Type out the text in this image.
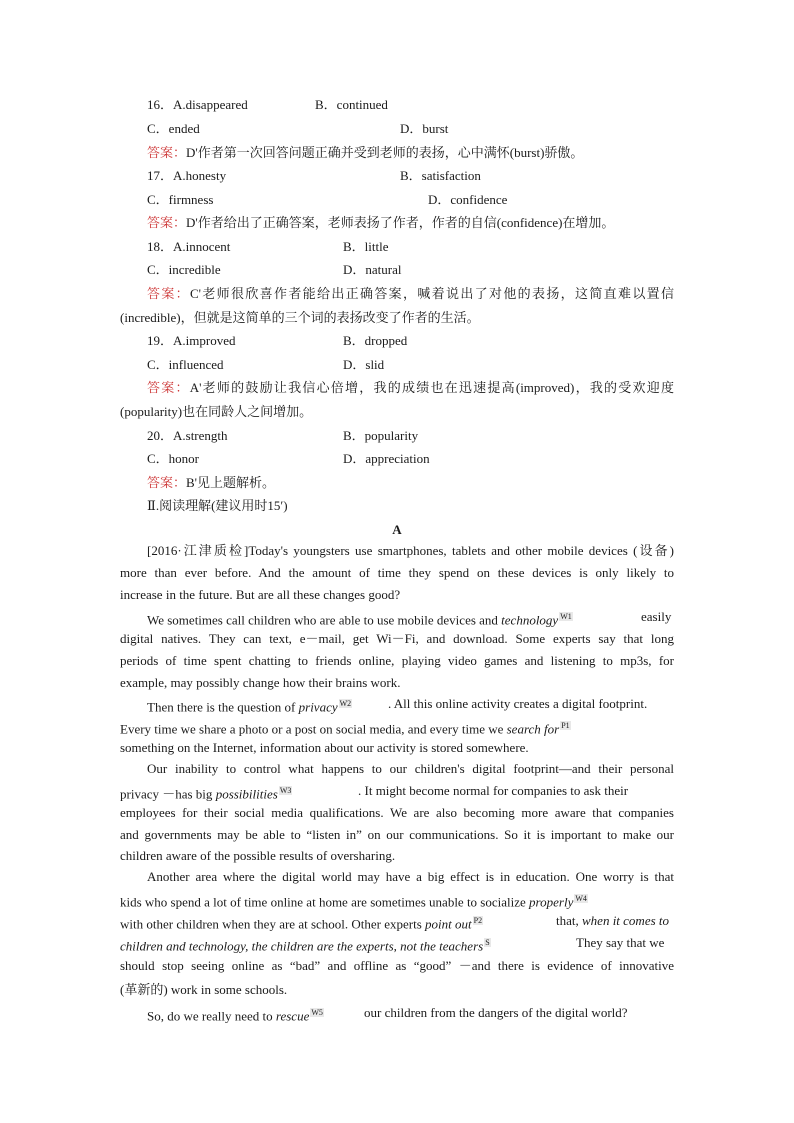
16．A.disappeared	B．continued
C．ended	D．burst
答案：D'作者第一次回答问题正确并受到老师的表扬，心中满怀(burst)骄傲。
17．A.honesty	B．satisfaction
C．firmness	D．confidence
答案：D'作者给出了正确答案，老师表扬了作者，作者的自信(confidence)在增加。
18．A.innocent	B．little
C．incredible	D．natural
答案：C'老师很欣喜作者能给出正确答案，喊着说出了对他的表扬，这简直难以置信
(incredible)，但就是这简单的三个词的表扬改变了作者的生活。
19．A.improved	B．dropped
C．influenced	D．slid
答案：A'老师的鼓励让我信心倍增，我的成绩也在迅速提高(improved)，我的受欢迎度
(popularity)也在同龄人之间增加。
20．A.strength	B．popularity
C．honor	D．appreciation
答案：B'见上题解析。
Ⅱ.阅读理解(建议用时15′)
A
[2016·江津质检]Today's youngsters use smartphones, tablets and other mobile devices (设备)
more than ever before. And the amount of time they spend on these devices is only likely to
increase in the future. But are all these changes good?
We sometimes call children who are able to use mobile devices and technology $^{W1}$	easily
digital natives. They can text, e－mail, get Wi－Fi, and download. Some experts say that long
periods of time spent chatting to friends online, playing video games and listening to mp3s, for
example, may possibly change how their brains work.
Then there is the question of privacy $^{W2}$	. All this online activity creates a digital footprint.
Every time we share a photo or a post on social media, and every time we search for $^{P1}$
something on the Internet, information about our activity is stored somewhere.
Our inability to control what happens to our children's digital footprint—and their personal
privacy －has big possibilities $^{W3}$	. It might become normal for companies to ask their
employees for their social media qualifications. We are also becoming more aware that companies
and governments may be able to “listen in” on our communications. So it is important to make our
children aware of the possible results of oversharing.
Another area where the digital world may have a big effect is in education. One worry is that
kids who spend a lot of time online at home are sometimes unable to socialize properly $^{W4}$
with other children when they are at school. Other experts point out $^{P2}$	that, when it comes to
children and technology, the children are the experts, not the teachers $^S$	They say that we
should stop seeing online as “bad” and offline as “good” －and there is evidence of innovative
(革新的) work in some schools.
So, do we really need to rescue $^{W5}$	our children from the dangers of the digital world?
